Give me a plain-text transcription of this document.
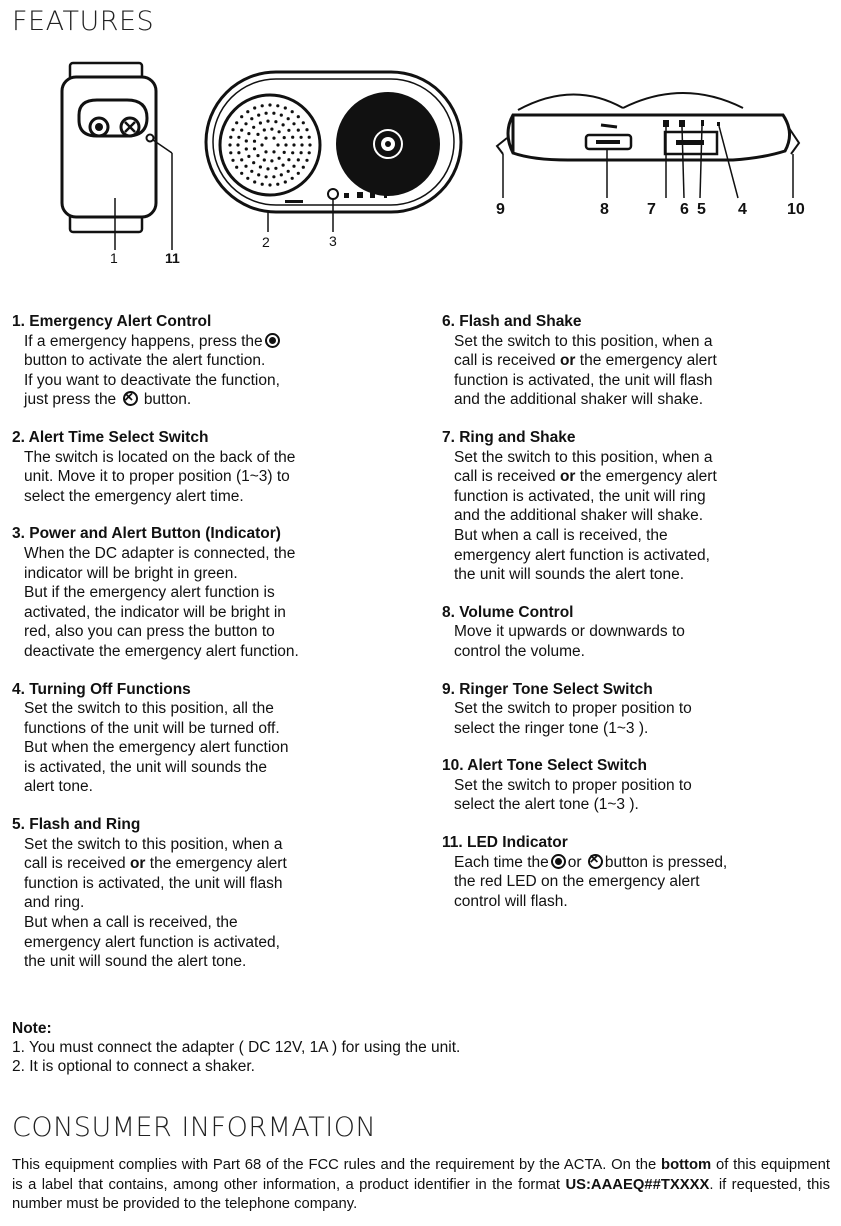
FEATURES
1	11
2	3
9	8 7 6 5 4	10
1. Emergency Alert Control
If a emergency happens, press the
button to activate the alert function.
If you want to deactivate the function,
just press the × button.
2. Alert Time Select Switch
The switch is located on the back of the
unit. Move it to proper position (1~3) to
select the emergency alert time.
3. Power and Alert Button (Indicator)
When the DC adapter is connected, the
indicator will be bright in green.
But if the emergency alert function is
activated, the indicator will be bright in
red, also you can press the button to
deactivate the emergency alert function.
4. Turning Off Functions
Set the switch to this position, all the
functions of the unit will be turned off.
But when the emergency alert function
is activated, the unit will sounds the
alert tone.
5. Flash and Ring
Set the switch to this position, when a
call is received or the emergency alert
function is activated, the unit will flash
and ring.
But when a call is received, the
emergency alert function is activated,
the unit will sound the alert tone.
6. Flash and Shake
Set the switch to this position, when a
call is received or the emergency alert
function is activated, the unit will flash
and the additional shaker will shake.
7. Ring and Shake
Set the switch to this position, when a
call is received or the emergency alert
function is activated, the unit will ring
and the additional shaker will shake.
But when a call is received, the
emergency alert function is activated,
the unit will sounds the alert tone.
8. Volume Control
Move it upwards or downwards to
control the volume.
9. Ringer Tone Select Switch
Set the switch to proper position to
select the ringer tone (1~3 ).
10. Alert Tone Select Switch
Set the switch to proper position to
select the alert tone (1~3 ).
11. LED Indicator
Each time the or × button is pressed,
the red LED on the emergency alert
control will flash.
Note:
1. You must connect the adapter ( DC 12V, 1A ) for using the unit.
2. It is optional to connect a shaker.
CONSUMER INFORMATION
This equipment complies with Part 68 of the FCC rules and the requirement by the ACTA. On the bottom of this equipment is a label that contains, among other information, a product identifier in the format US:AAAEQ##TXXXX. if requested, this number must be provided to the telephone company.
